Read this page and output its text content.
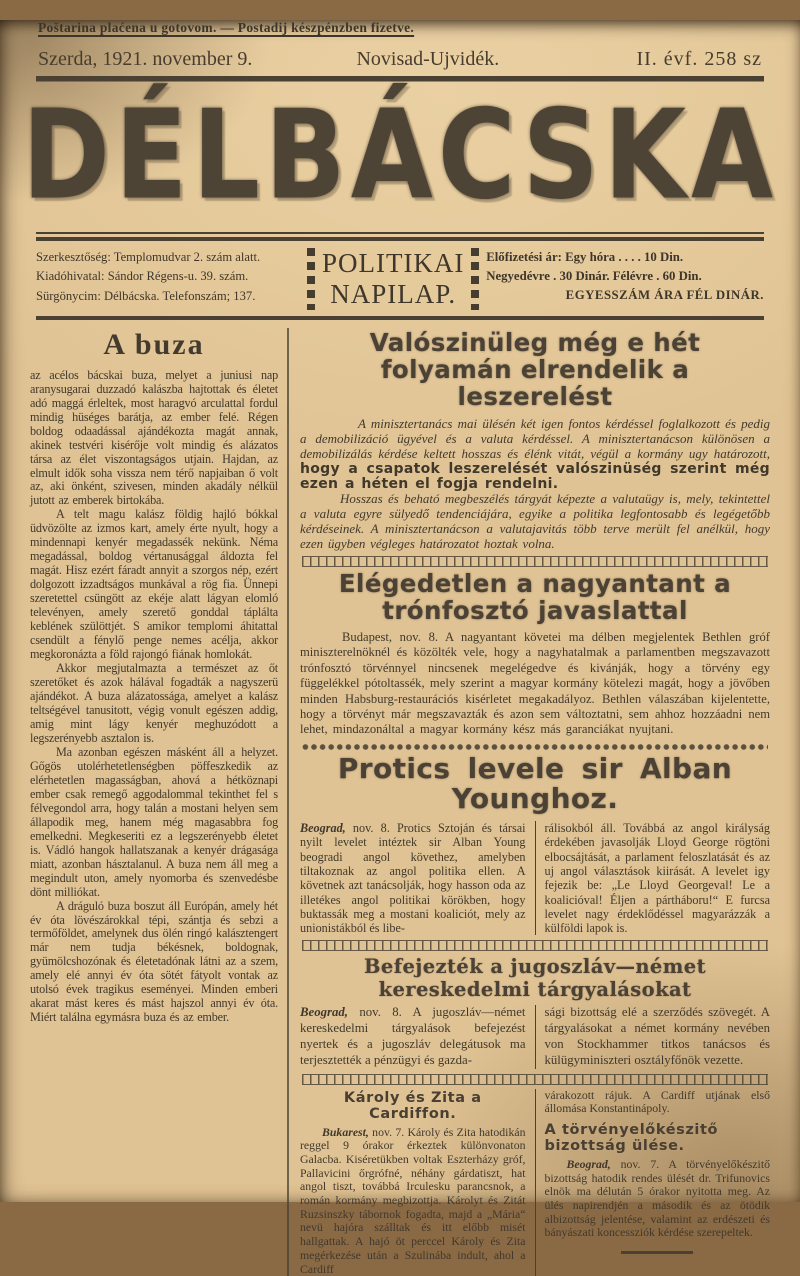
Poštarina plaćena u gotovom. — Postadij készpénzben fizetve.
Szerda, 1921. november 9.	Novisad-Ujvidék.	II. évf. 258 sz
DÉLBÁCSKA
Szerkesztőség: Templomudvar 2. szám alatt.
Kiadóhivatal: Sándor Régens-u. 39. szám.
Sürgönycim: Délbácska. Telefonszám; 137.
POLITIKAI NAPILAP.
Előfizetési ár: Egy hóra . . . . 10 Din.
Negyedévre . 30 Dinár. Félévre . 60 Din.
EGYESSZÁM ÁRA FÉL DINÁR.
A buza

az acélos bácskai buza, melyet a juniusi nap aranysugarai duzzadó kalászba hajtottak és életet adó maggá érleltek, most haragvó arculattal fordul mindig hüséges barátja, az ember felé. Régen boldog odaadással ajándékozta magát annak, akinek testvéri kisérője volt mindig és alázatos társa az élet viszontagságos utjain. Hajdan, az elmult idők soha vissza nem térő napjaiban ő volt az, aki önként, szivesen, minden akadály nélkül jutott az emberek birtokába.

A telt magu kalász földig hajló bókkal üdvözölte az izmos kart, amely érte nyult, hogy a mindennapi kenyér megadassék nekünk. Néma megadással, boldog vértanusággal áldozta fel magát. Hisz ezért fáradt annyit a szorgos nép, ezért dolgozott izzadtságos munkával a rög fia. Ünnepi szeretettel csüngött az ekéje alatt lágyan elomló televényen, amely szerető gonddal táplálta keblének szülöttjét. S amikor templomi áhitattal csendült a fénylő penge nemes acélja, akkor megkoronázta a föld rajongó fiának homlokát.

Akkor megjutalmazta a természet az őt szeretőket és azok hálával fogadták a nagyszerü ajándékot. A buza alázatossága, amelyet a kalász teltségével tanusitott, végig vonult egészen addig, amig mint lágy kenyér meghuzódott a legszerényebb asztalon is.

Ma azonban egészen másként áll a helyzet. Gőgös utolérhetetlenségben pöffeszkedik az elérhetetlen magasságban, ahová a hétköznapi ember csak remegő aggodalommal tekinthet fel s félvegondol arra, hogy talán a mostani helyen sem állapodik meg, hanem még magasabbra fog emelkedni. Megkeseriti ez a legszerényebb életet is. Vádló hangok hallatszanak a kenyér drágasága miatt, azonban hásztalanul. A buza nem áll meg a megindult uton, amely nyomorba és szenvedésbe dönt milliókat.

A dráguló buza boszut áll Európán, amely hét év óta lövészárokkal tépi, szántja és sebzi a termőföldet, amelynek dus ölén ringó kalásztengert már nem tudja békésnek, boldognak, gyümölcshozónak és életetadónak látni az a szem, amely elé annyi év óta sötét fátyolt vontak az utolsó évek tragikus eseményei. Minden emberi akarat mást keres és mást hajszol annyi év óta. Miért találna egymásra buza és az ember.

Valószinüleg még e hét folyamán elrendelik a leszerelést

A minisztertanács mai ülésén két igen fontos kérdéssel foglalkozott és pedig a demobilizáció ügyével és a valuta kérdéssel. A minisztertanácson különösen a demobilizálás kérdése keltett hosszas és élénk vitát, végül a kormány ugy határozott, hogy a csapatok leszerelését valószinüség szerint még ezen a héten el fogja rendelni.

Hosszas és beható megbeszélés tárgyát képezte a valutaügy is, mely, tekintettel a valuta egyre sülyedő tendenciájára, egyike a politika legfontosabb és legégetőbb kérdéseinek. A minisztertanácson a valutajavitás több terve merült fel anélkül, hogy ezen ügyben végleges határozatot hoztak volna.

Elégedetlen a nagyantant a trónfosztó javaslattal

Budapest, nov. 8. A nagyantant követei ma délben megjelentek Bethlen gróf miniszterelnöknél és közölték vele, hogy a nagyhatalmak a parlamentben megszavazott trónfosztó törvénnyel nincsenek megelégedve és kivánják, hogy a törvény egy függelékkel pótoltassék, mely szerint a magyar kormány kötelezi magát, hogy a jövőben minden Habsburg-restaurációs kisérletet megakadályoz. Bethlen válaszában kijelentette, hogy a törvényt már megszavazták és azon sem változtatni, sem ahhoz hozzáadni nem lehet, mindazonáltal a magyar kormány kész más garanciákat nyujtani.

Protics levele sir Alban Younghoz.

Beograd, nov. 8. Protics Sztoján és társai nyilt levelet intéztek sir Alban Young beogradi angol követhez, amelyben tiltakoznak az angol politika ellen. A követnek azt tanácsolják, hogy hasson oda az illetékes angol politikai körökben, hogy buktassák meg a mostani koaliciót, mely az unionistákból és libe-

rálisokból áll. Továbbá az angol királyság érdekében javasolják Lloyd George rögtöni elbocsájtását, a parlament feloszlatását és az uj angol választások kiirását. A levelet igy fejezik be: „Le Lloyd Georgeval! Le a koalicióval! Éljen a pártháboru!“ E furcsa levelet nagy érdeklődéssel magyarázzák a külföldi lapok is.

Befejezték a jugoszláv—német kereskedelmi tárgyalásokat

Beograd, nov. 8. A jugoszláv—német kereskedelmi tárgyalások befejezést nyertek és a jugoszláv delegátusok ma terjesztették a pénzügyi és gazda-

sági bizottság elé a szerződés szövegét. A tárgyalásokat a német kormány nevében von Stockhammer titkos tanácsos és külügyminiszteri osztályfőnök vezette.

Károly és Zita a Cardiffon.

Bukarest, nov. 7. Károly és Zita hatodikán reggel 9 órakor érkeztek különvonaton Galacba. Kiséretükben voltak Eszterházy gróf, Pallavicini őrgrófné, néhány gárdatiszt, hat angol tiszt, továbbá Irculesku parancsnok, a román kormány megbizottja. Károlyt és Zitát Ruzsinszky tábornok fogadta, majd a „Mária“ nevü hajóra szálltak és itt előbb misét hallgattak. A hajó öt perccel Károly és Zita megérkezése után a Szulinába indult, ahol a Cardiff

várakozott rájuk. A Cardiff utjának első állomása Konstantinápoly.

A törvényelőkészitő bizottság ülése.

Beograd, nov. 7. A törvényelőkészitő bizottság hatodik rendes ülését dr. Trifunovics elnök ma délután 5 órakor nyitotta meg. Az ülés napirendjén a második és az ötödik albizottság jelentése, valamint az erdészeti és bányászati koncessziók kérdése szerepeltek.
